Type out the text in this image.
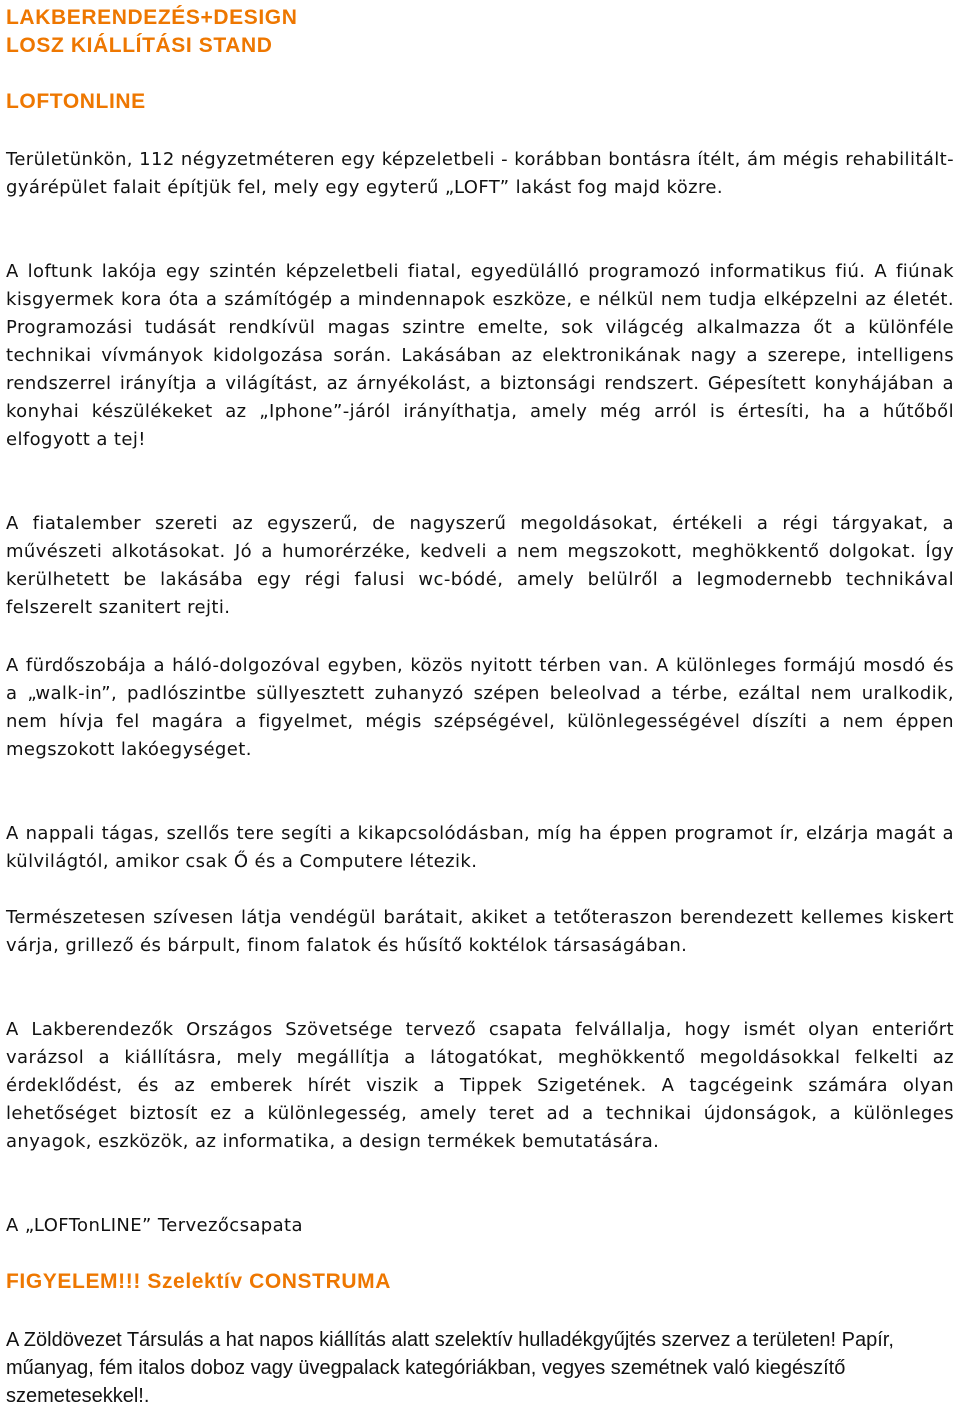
LAKBERENDEZÉS+DESIGN

LOSZ KIÁLLÍTÁSI STAND

LOFTONLINE

Területünkön, 112 négyzetméteren egy képzeletbeli - korábban bontásra ítélt, ám mégis rehabilitált- gyárépület falait építjük fel, mely egy egyterű „LOFT” lakást fog majd közre.

A loftunk lakója egy szintén képzeletbeli fiatal, egyedülálló programozó informatikus fiú. A fiúnak kisgyermek kora óta a számítógép a mindennapok eszköze, e nélkül nem tudja elképzelni az életét. Programozási tudását rendkívül magas szintre emelte, sok világcég alkalmazza őt a különféle technikai vívmányok kidolgozása során. Lakásában az elektronikának nagy a szerepe, intelligens rendszerrel irányítja a világítást, az árnyékolást, a biztonsági rendszert. Gépesített konyhájában a konyhai készülékeket az „Iphone”-járól irányíthatja, amely még arról is értesíti, ha a hűtőből elfogyott a tej!

A fiatalember szereti az egyszerű, de nagyszerű megoldásokat, értékeli a régi tárgyakat, a művészeti alkotásokat. Jó a humorérzéke, kedveli a nem megszokott, meghökkentő dolgokat. Így kerülhetett be lakásába egy régi falusi wc-bódé, amely belülről a legmodernebb technikával felszerelt szanitert rejti.

A fürdőszobája a háló-dolgozóval egyben, közös nyitott térben van. A különleges formájú mosdó és a „walk-in”, padlószintbe süllyesztett zuhanyzó szépen beleolvad a térbe, ezáltal nem uralkodik, nem hívja fel magára a figyelmet, mégis szépségével, különlegességével díszíti a nem éppen megszokott lakóegységet.

A nappali tágas, szellős tere segíti a kikapcsolódásban, míg ha éppen programot ír, elzárja magát a külvilágtól, amikor csak Ő és a Computere létezik.

Természetesen szívesen látja vendégül barátait, akiket a tetőteraszon berendezett kellemes kiskert várja, grillező és bárpult, finom falatok és hűsítő koktélok társaságában.

A Lakberendezők Országos Szövetsége tervező csapata felvállalja, hogy ismét olyan enteriőrt varázsol a kiállításra, mely megállítja a látogatókat, meghökkentő megoldásokkal felkelti az érdeklődést, és az emberek hírét viszik a Tippek Szigetének. A tagcégeink számára olyan lehetőséget biztosít ez a különlegesség, amely teret ad a technikai újdonságok, a különleges anyagok, eszközök, az informatika, a design termékek bemutatására.

A „LOFTonLINE” Tervezőcsapata

FIGYELEM!!! Szelektív CONSTRUMA

A Zöldövezet Társulás a hat napos kiállítás alatt szelektív hulladékgyűjtés szervez a területen! Papír, műanyag, fém italos doboz vagy üvegpalack kategóriákban, vegyes szemétnek való kiegészítő szemetesekkel!.
